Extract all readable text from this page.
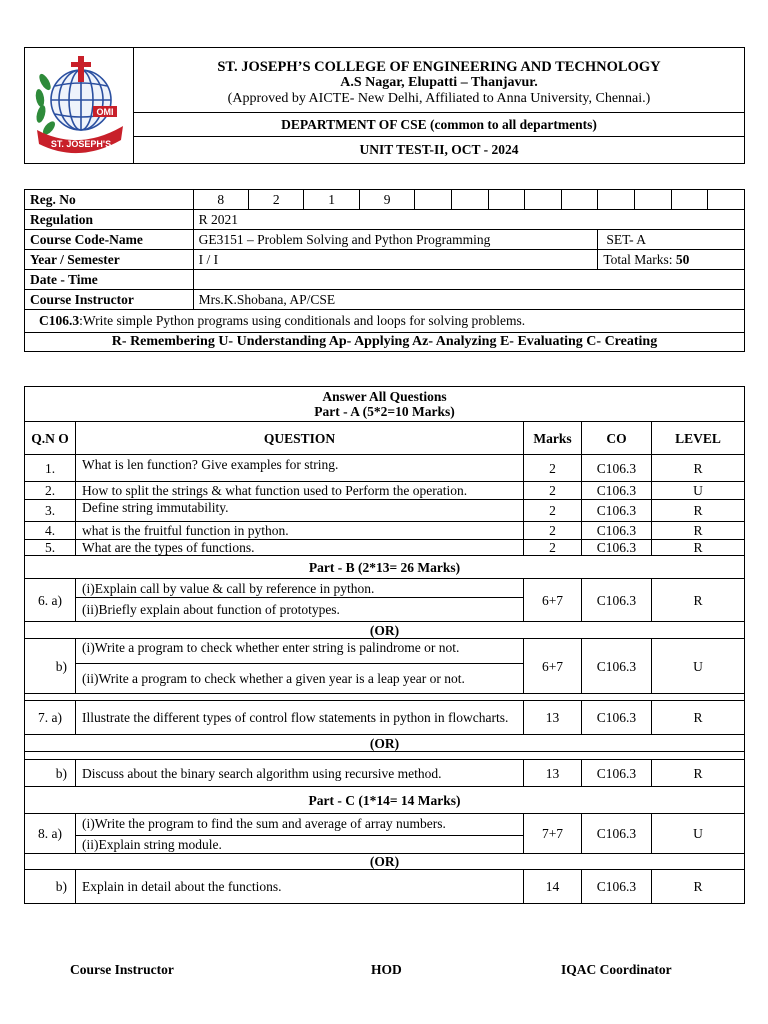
OMI
ST. JOSEPH'S

ST. JOSEPH’S COLLEGE OF ENGINEERING AND TECHNOLOGY
A.S Nagar, Elupatti – Thanjavur.
(Approved by AICTE- New Delhi, Affiliated to Anna University, Chennai.)

DEPARTMENT OF CSE (common to all departments)
UNIT TEST-II, OCT - 2024
Reg. No	8	2	1	9									
Regulation	R 2021												
Course Code-Name	GE3151 – Problem Solving and Python Programming									SET- A			
Year / Semester	I / I									Total Marks: 50			
Date - Time													
Course Instructor	Mrs.K.Shobana, AP/CSE												
C106.3:Write simple Python programs using conditionals and loops for solving problems.													
R- Remembering U- Understanding Ap- Applying Az- Analyzing E- Evaluating C- Creating													
Answer All Questions
Part - A (5*2=10 Marks)				

Q.N O	QUESTION	Marks	CO	LEVEL
1.	What is len function? Give examples for string.	2	C106.3	R
2.	How to split the strings & what function used to Perform the operation.	2	C106.3	U
3.	Define string immutability.	2	C106.3	R
4.	what is the fruitful function in python.	2	C106.3	R
5.	What are the types of functions.	2	C106.3	R
Part - B (2*13= 26 Marks)				
6. a)	(i)Explain call by value & call by reference in python.	6+7	C106.3	R
	(ii)Briefly explain about function of prototypes.			
(OR)				
b)	(i)Write a program to check whether enter string is palindrome or not.	6+7	C106.3	U
	(ii)Write a program to check whether a given year is a leap year or not.			

7. a)	Illustrate the different types of control flow statements in python in flowcharts.	13	C106.3	R
(OR)				

b)	Discuss about the binary search algorithm using recursive method.	13	C106.3	R
Part - C (1*14= 14 Marks)				
8. a)	(i)Write the program to find the sum and average of array numbers.	7+7	C106.3	U
	(ii)Explain string module.			
(OR)				
b)	Explain in detail about the functions.	14	C106.3	R
Course Instructor	HOD	IQAC Coordinator
